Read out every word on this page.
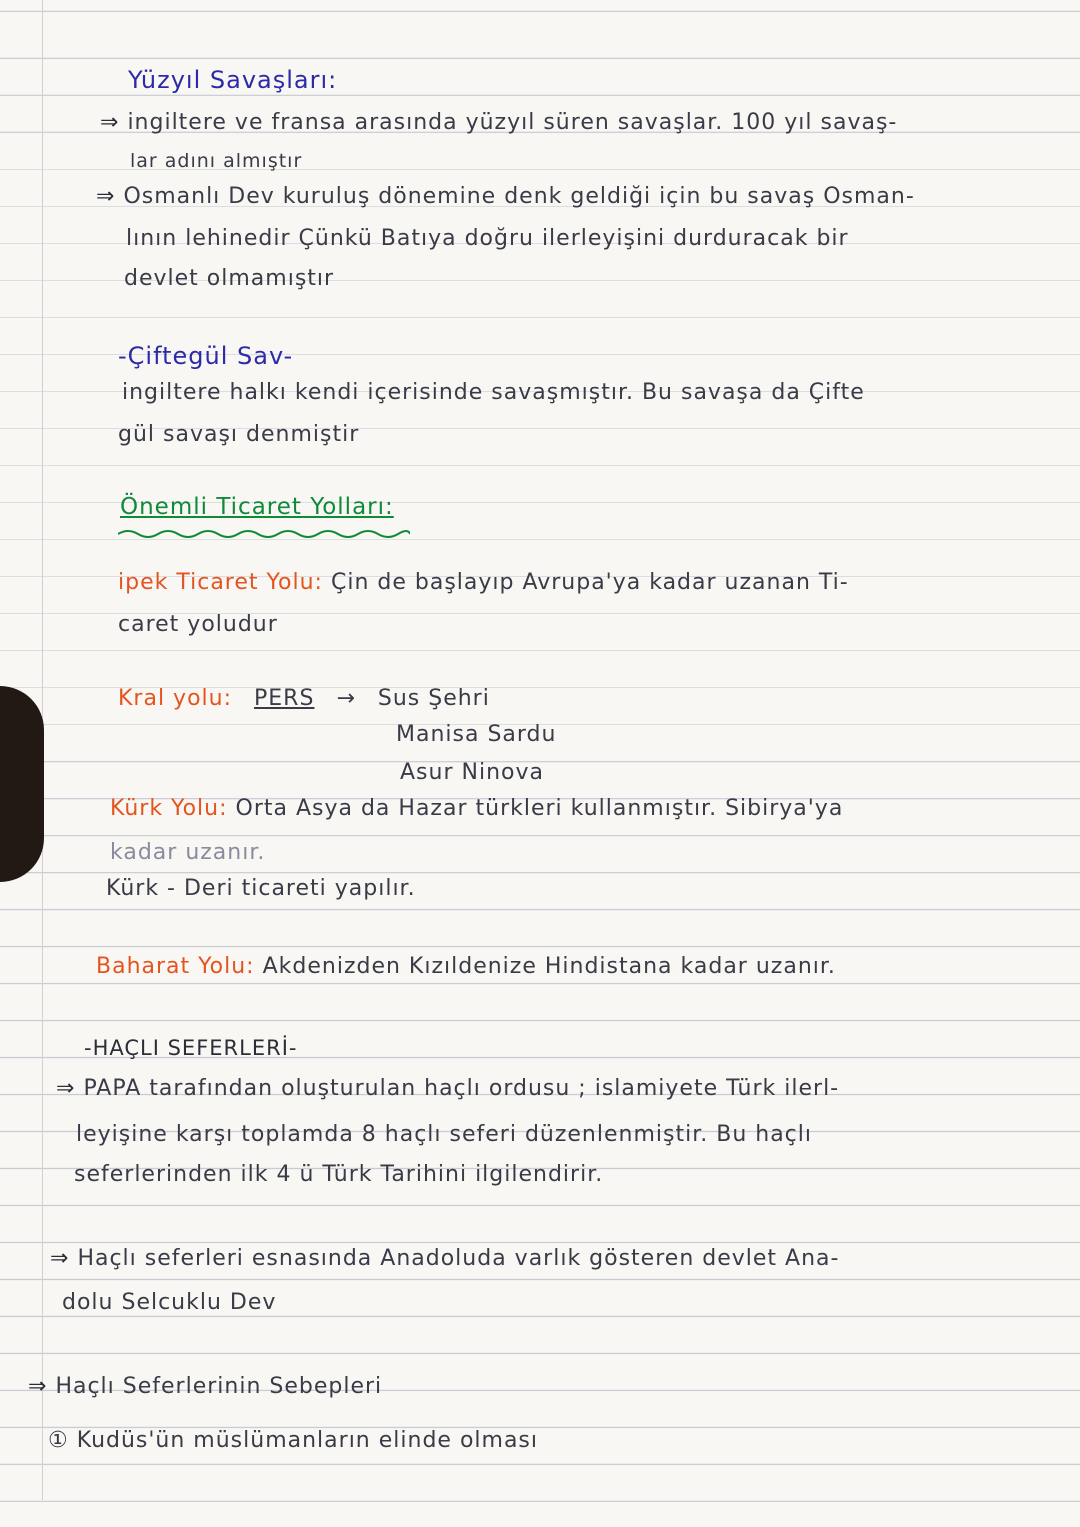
Yüzyıl Savaşları:
⇒ ingiltere ve fransa arasında yüzyıl süren savaşlar. 100 yıl savaş-
lar adını almıştır
⇒ Osmanlı Dev kuruluş dönemine denk geldiği için bu savaş Osman-
lının lehinedir Çünkü Batıya doğru ilerleyişini durduracak bir
devlet olmamıştır
-Çiftegül Sav-
ingiltere halkı kendi içerisinde savaşmıştır. Bu savaşa da Çifte
gül savaşı denmiştir
Önemli Ticaret Yolları:
ipek Ticaret Yolu: Çin de başlayıp Avrupa'ya kadar uzanan Ti-
caret yoludur
Kral yolu: PERS → Sus Şehri
Manisa Sardu
Asur Ninova
Kürk Yolu: Orta Asya da Hazar türkleri kullanmıştır. Sibirya'ya
kadar uzanır.
Kürk - Deri ticareti yapılır.
Baharat Yolu: Akdenizden Kızıldenize Hindistana kadar uzanır.
-HAÇLI SEFERLERİ-
⇒ PAPA tarafından oluşturulan haçlı ordusu ; islamiyete Türk ilerl-
leyişine karşı toplamda 8 haçlı seferi düzenlenmiştir. Bu haçlı
seferlerinden ilk 4 ü Türk Tarihini ilgilendirir.
⇒ Haçlı seferleri esnasında Anadoluda varlık gösteren devlet Ana-
dolu Selcuklu Dev
⇒ Haçlı Seferlerinin Sebepleri
① Kudüs'ün müslümanların elinde olması
